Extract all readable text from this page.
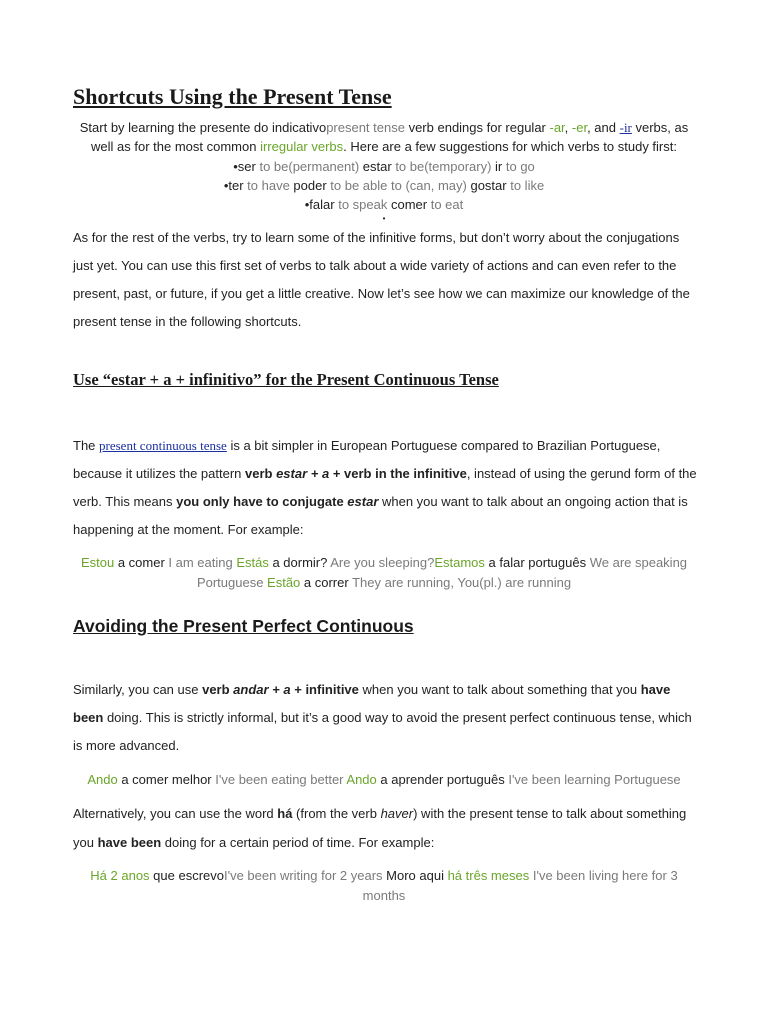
Shortcuts Using the Present Tense
Start by learning the presente do indicativopresent tense verb endings for regular -ar, -er, and -ir verbs, as
well as for the most common irregular verbs. Here are a few suggestions for which verbs to study first:
•ser to be(permanent) estar to be(temporary) ir to go
•ter to have poder to be able to (can, may) gostar to like
•falar to speak comer to eat
•

As for the rest of the verbs, try to learn some of the infinitive forms, but don’t worry about the conjugations just yet. You can use this first set of verbs to talk about a wide variety of actions and can even refer to the present, past, or future, if you get a little creative. Now let’s see how we can maximize our knowledge of the present tense in the following shortcuts.

Use “estar + a + infinitivo” for the Present Continuous Tense

The present continuous tense is a bit simpler in European Portuguese compared to Brazilian Portuguese, because it utilizes the pattern verb estar + a + verb in the infinitive, instead of using the gerund form of the verb. This means you only have to conjugate estar when you want to talk about an ongoing action that is happening at the moment. For example:

Estou a comer I am eating Estás a dormir? Are you sleeping?Estamos a falar português We are speaking
Portuguese Estão a correr They are running, You(pl.) are running
Avoiding the Present Perfect Continuous

Similarly, you can use verb andar + a + infinitive when you want to talk about something that you have been doing. This is strictly informal, but it’s a good way to avoid the present perfect continuous tense, which is more advanced.

Ando a comer melhor I've been eating better Ando a aprender português I've been learning Portuguese

Alternatively, you can use the word há (from the verb haver) with the present tense to talk about something you have been doing for a certain period of time. For example:

Há 2 anos que escrevoI've been writing for 2 years Moro aqui há três meses I've been living here for 3
months
